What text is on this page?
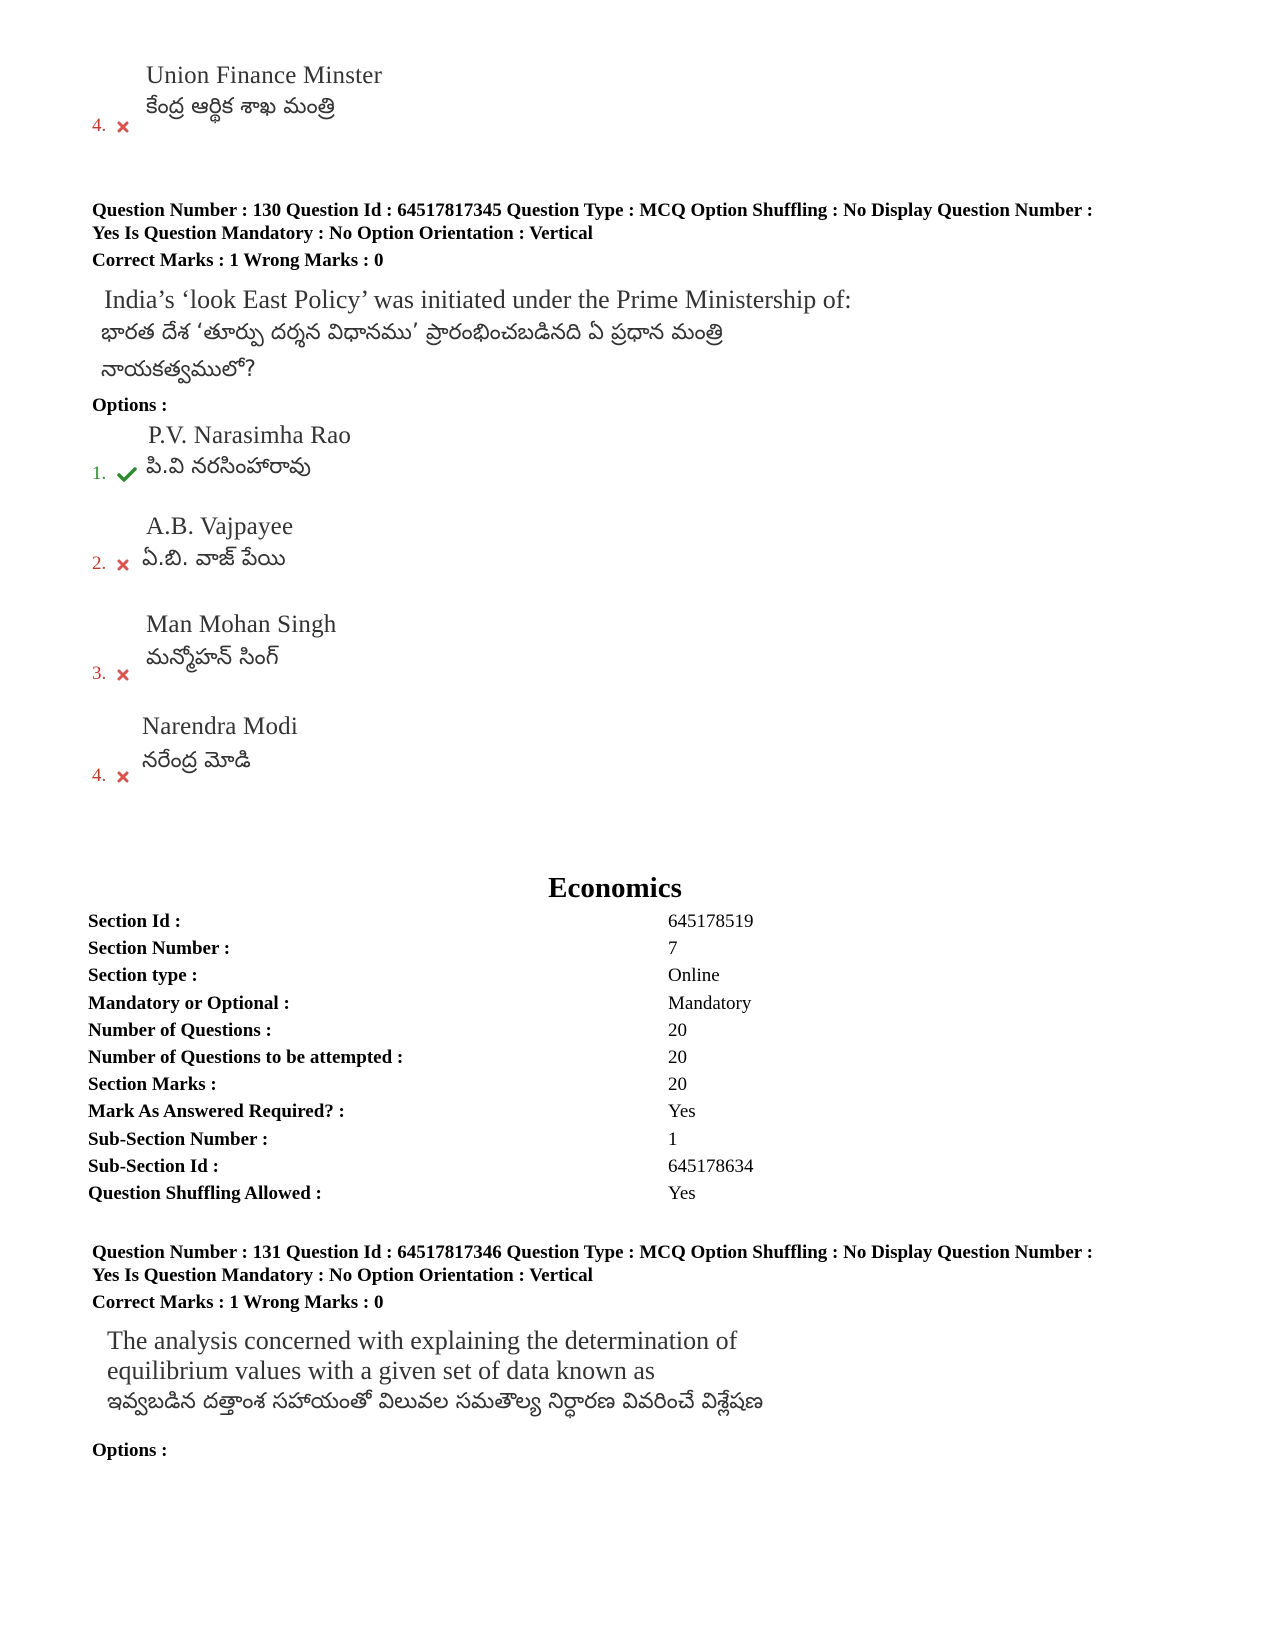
Union Finance Minster
కేంద్ర ఆర్థిక శాఖ మంత్రి
4.
Question Number : 130 Question Id : 64517817345 Question Type : MCQ Option Shuffling : No Display Question Number :
Yes Is Question Mandatory : No Option Orientation : Vertical
Correct Marks : 1 Wrong Marks : 0
India’s ‘look East Policy’ was initiated under the Prime Ministership of:
భారత దేశ ‘తూర్పు దర్శన విధానము’ ప్రారంభించబడినది ఏ ప్రధాన మంత్రి
నాయకత్వములో?
Options :
P.V. Narasimha Rao
పి.వి నరసింహారావు
1.
A.B. Vajpayee
ఏ.బి. వాజ్ పేయి
2.
Man Mohan Singh
మన్మోహన్ సింగ్
3.
Narendra Modi
నరేంద్ర మోడి
4.
Economics
Section Id :	645178519
Section Number :	7
Section type :	Online
Mandatory or Optional :	Mandatory
Number of Questions :	20
Number of Questions to be attempted :	20
Section Marks :	20
Mark As Answered Required? :	Yes
Sub-Section Number :	1
Sub-Section Id :	645178634
Question Shuffling Allowed :	Yes
Question Number : 131 Question Id : 64517817346 Question Type : MCQ Option Shuffling : No Display Question Number :
Yes Is Question Mandatory : No Option Orientation : Vertical
Correct Marks : 1 Wrong Marks : 0
The analysis concerned with explaining the determination of
equilibrium values with a given set of data known as
ఇవ్వబడిన దత్తాంశ సహాయంతో విలువల సమతౌల్య నిర్ధారణ వివరించే విశ్లేషణ
Options :
